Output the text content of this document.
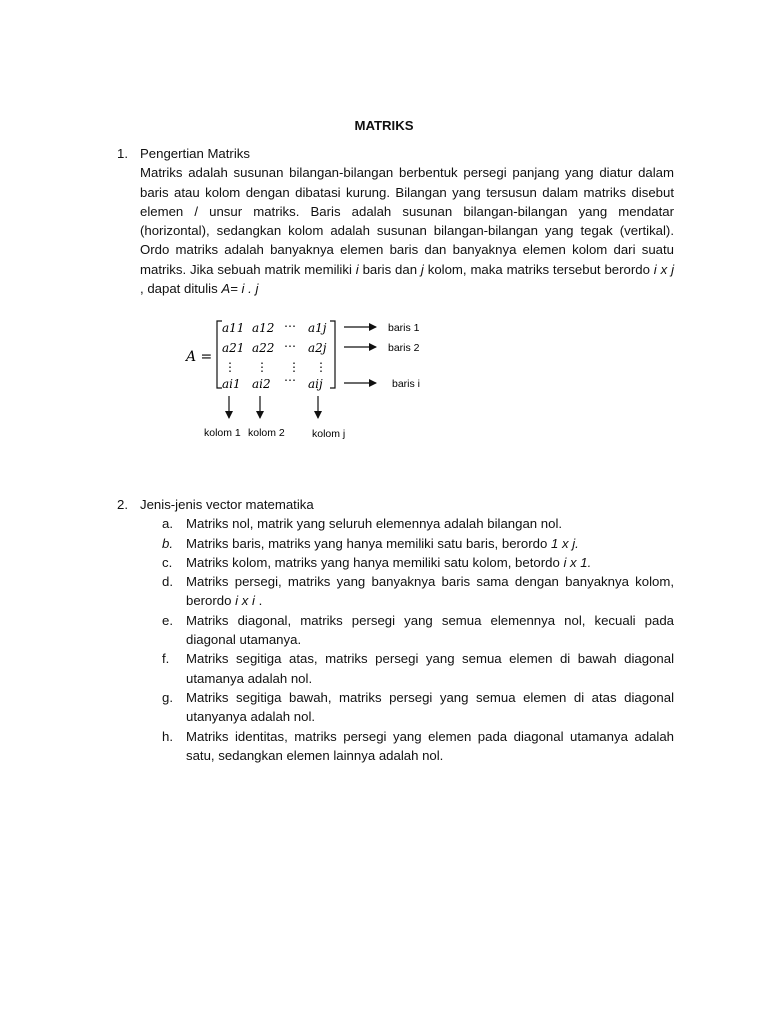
MATRIKS
1. Pengertian Matriks
Matriks adalah susunan bilangan-bilangan berbentuk persegi panjang yang diatur dalam baris atau kolom dengan dibatasi kurung. Bilangan yang tersusun dalam matriks disebut elemen / unsur matriks. Baris adalah susunan bilangan-bilangan yang mendatar (horizontal), sedangkan kolom adalah susunan bilangan-bilangan yang tegak (vertikal). Ordo matriks adalah banyaknya elemen baris dan banyaknya elemen kolom dari suatu matriks. Jika sebuah matrik memiliki i baris dan j kolom, maka matriks tersebut berordo i x j , dapat ditulis A= i . j
A =
a11 a12 ⋯ a1j
a21 a22 ⋯ a2j
⋮ ⋮ ⋮ ⋮
ai1 ai2 ⋯ aij
baris 1
baris 2
baris i
kolom 1 kolom 2	kolom j
2. Jenis-jenis vector matematika
a. Matriks nol, matrik yang seluruh elemennya adalah bilangan nol.
b. Matriks baris, matriks yang hanya memiliki satu baris, berordo 1 x j.
c.	Matriks kolom, matriks yang hanya memiliki satu kolom, betordo i x 1.
d. Matriks persegi, matriks yang banyaknya baris sama dengan banyaknya kolom, berordo i x i .
e. Matriks diagonal, matriks persegi yang semua elemennya nol, kecuali pada diagonal utamanya.
f.	Matriks segitiga atas, matriks persegi yang semua elemen di bawah diagonal utamanya adalah nol.
g. Matriks segitiga bawah, matriks persegi yang semua elemen di atas diagonal utanyanya adalah nol.
h. Matriks identitas, matriks persegi yang elemen pada diagonal utamanya adalah satu, sedangkan elemen lainnya adalah nol.
